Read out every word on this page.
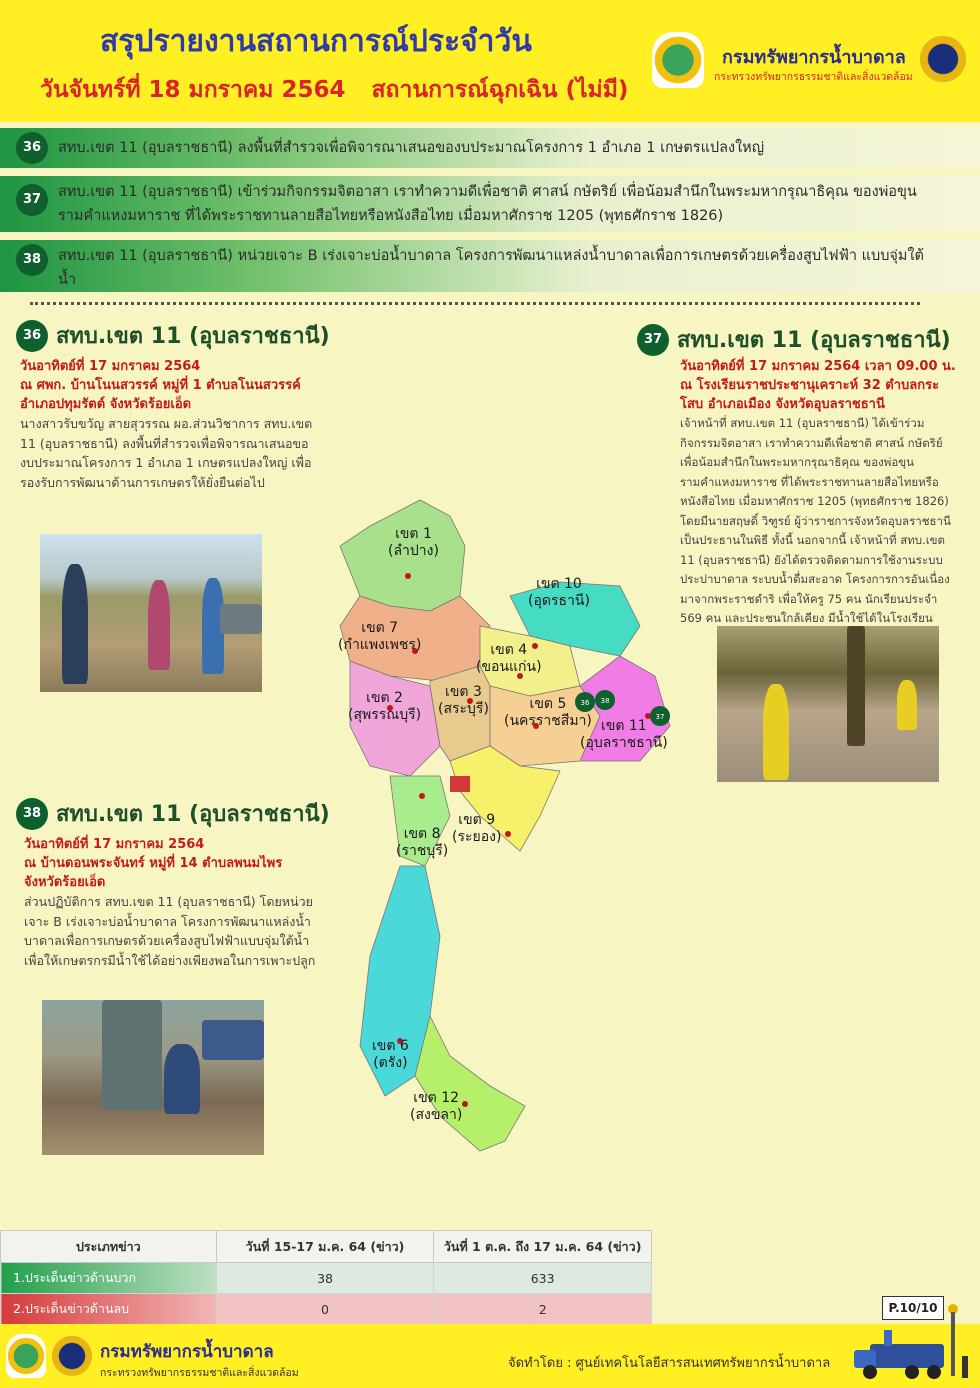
สรุปรายงานสถานการณ์ประจำวัน
วันจันทร์ที่ 18 มกราคม 2564 สถานการณ์ฉุกเฉิน (ไม่มี)
กรมทรัพยากรน้ำบาดาล
กระทรวงทรัพยากรธรรมชาติและสิ่งแวดล้อม
36	สทบ.เขต 11 (อุบลราชธานี) ลงพื้นที่สำรวจเพื่อพิจารณาเสนอของบประมาณโครงการ 1 อำเภอ 1 เกษตรแปลงใหญ่
37	สทบ.เขต 11 (อุบลราชธานี) เข้าร่วมกิจกรรมจิตอาสา เราทำความดีเพื่อชาติ ศาสน์ กษัตริย์ เพื่อน้อมสำนึกในพระมหากรุณาธิคุณ ของพ่อขุนรามคำแหงมหาราช ที่ได้พระราชทานลายสือไทยหรือหนังสือไทย เมื่อมหาศักราช 1205 (พุทธศักราช 1826)
38	สทบ.เขต 11 (อุบลราชธานี) หน่วยเจาะ B เร่งเจาะบ่อน้ำบาดาล โครงการพัฒนาแหล่งน้ำบาดาลเพื่อการเกษตรด้วยเครื่องสูบไฟฟ้า แบบจุ่มใต้น้ำ
36 สทบ.เขต 11 (อุบลราชธานี)
วันอาทิตย์ที่ 17 มกราคม 2564
ณ ศพก. บ้านโนนสวรรค์ หมู่ที่ 1 ตำบลโนนสวรรค์ อำเภอปทุมรัตต์ จังหวัดร้อยเอ็ด
นางสาวรับขวัญ สายสุวรรณ ผอ.ส่วนวิชาการ สทบ.เขต 11 (อุบลราชธานี) ลงพื้นที่สำรวจเพื่อพิจารณาเสนอของบประมาณโครงการ 1 อำเภอ 1 เกษตรแปลงใหญ่ เพื่อรองรับการพัฒนาด้านการเกษตรให้ยั่งยืนต่อไป
37 สทบ.เขต 11 (อุบลราชธานี)
วันอาทิตย์ที่ 17 มกราคม 2564 เวลา 09.00 น.
ณ โรงเรียนราชประชานุเคราะห์ 32 ตำบลกระโสบ อำเภอเมือง จังหวัดอุบลราชธานี
เจ้าหน้าที่ สทบ.เขต 11 (อุบลราชธานี) ได้เข้าร่วมกิจกรรมจิตอาสา เราทำความดีเพื่อชาติ ศาสน์ กษัตริย์ เพื่อน้อมสำนึกในพระมหากรุณาธิคุณ ของพ่อขุนรามคำแหงมหาราช ที่ได้พระราชทานลายสือไทยหรือหนังสือไทย เมื่อมหาศักราช 1205 (พุทธศักราช 1826) โดยมีนายสฤษดิ์ วิฑูรย์ ผู้ว่าราชการจังหวัดอุบลราชธานี เป็นประธานในพิธี ทั้งนี้ นอกจากนี้ เจ้าหน้าที่ สทบ.เขต 11 (อุบลราชธานี) ยังได้ตรวจติดตามการใช้งานระบบประปาบาดาล ระบบน้ำดื่มสะอาด โครงการการอันเนื่องมาจากพระราชดำริ เพื่อให้ครู 75 คน นักเรียนประจำ 569 คน และประชนใกล้เคียง มีน้ำใช้ได้ในโรงเรียน
38 สทบ.เขต 11 (อุบลราชธานี)
วันอาทิตย์ที่ 17 มกราคม 2564
ณ บ้านดอนพระจันทร์ หมู่ที่ 14 ตำบลพนมไพร จังหวัดร้อยเอ็ด
ส่วนปฏิบัติการ สทบ.เขต 11 (อุบลราชธานี) โดยหน่วยเจาะ B เร่งเจาะบ่อน้ำบาดาล โครงการพัฒนาแหล่งน้ำบาดาลเพื่อการเกษตรด้วยเครื่องสูบไฟฟ้าแบบจุ่มใต้น้ำ เพื่อให้เกษตรกรมีน้ำใช้ได้อย่างเพียงพอในการเพาะปลูก
36 38
37
เขต 1
(ลำปาง)
เขต 7
(กำแพงเพชร)
เขต 10
(อุดรธานี)
เขต 4
(ขอนแก่น)
เขต 2
(สุพรรณบุรี)
เขต 3
(สระบุรี)	เขต 5
(นครราชสีมา) เขต 11
(อุบลราชธานี)
เขต 8
(ราชบุรี)
เขต 9
(ระยอง)
เขต 6
(ตรัง)
เขต 12
(สงขลา)
ประเภทข่าว	วันที่ 15-17 ม.ค. 64 (ข่าว)	วันที่ 1 ต.ค. ถึง 17 ม.ค. 64 (ข่าว)
1.ประเด็นข่าวด้านบวก	38	633
2.ประเด็นข่าวด้านลบ	0	2	P.10/10
กรมทรัพยากรน้ำบาดาล
กระทรวงทรัพยากรธรรมชาติและสิ่งแวดล้อม
จัดทำโดย : ศูนย์เทคโนโลยีสารสนเทศทรัพยากรน้ำบาดาล
